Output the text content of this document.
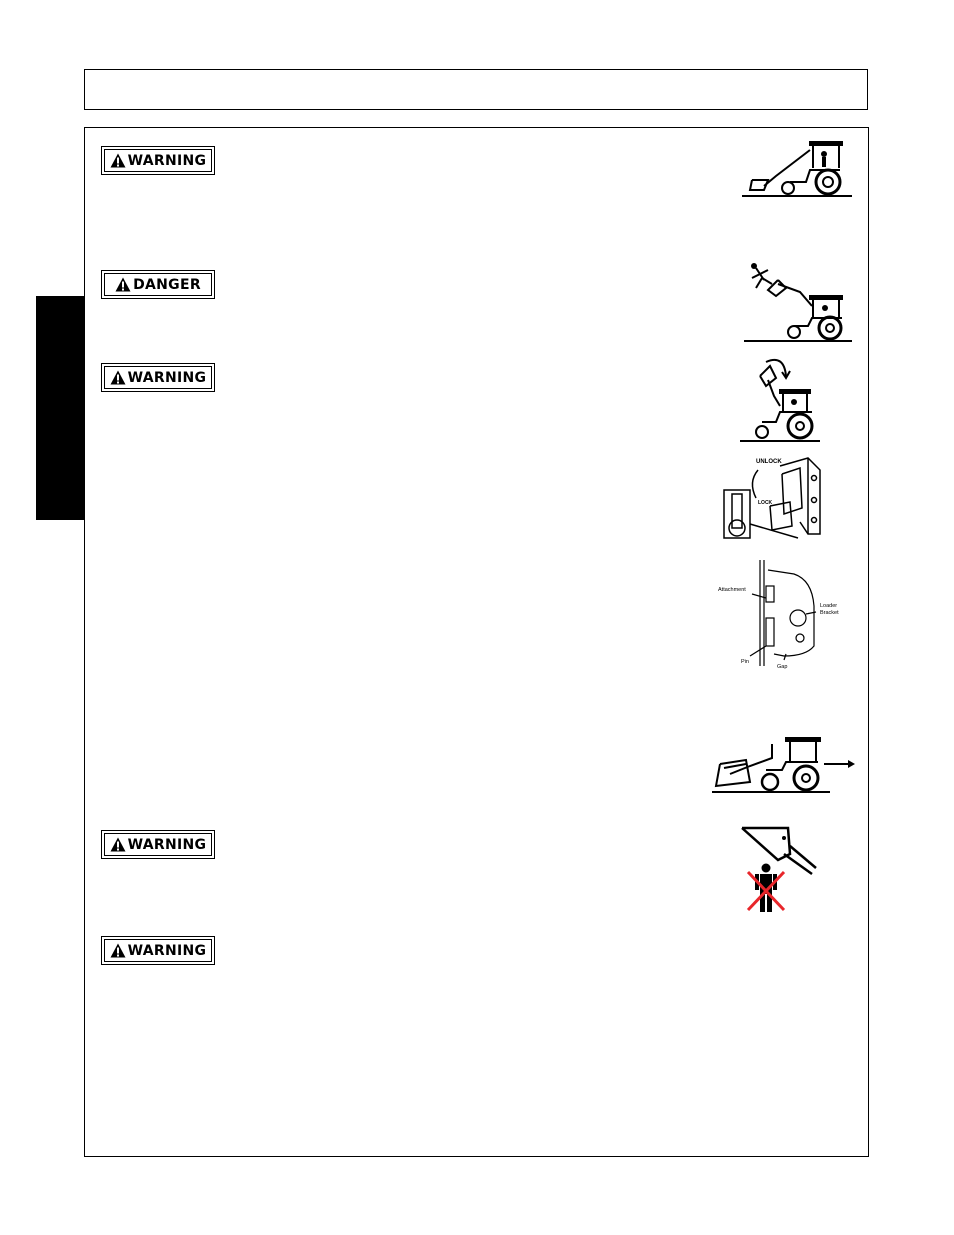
WARNING
DANGER
WARNING
WARNING
WARNING
UNLOCK
LOCK
Attachment
Loader
Bracket
Pin
Gap
